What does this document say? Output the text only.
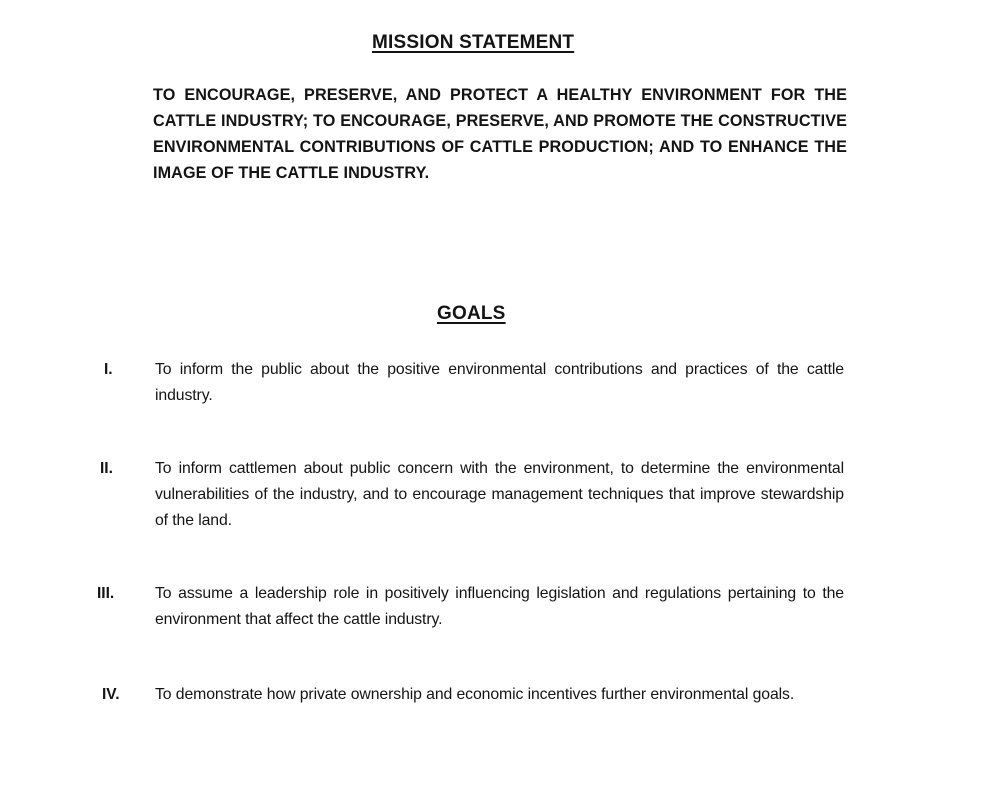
MISSION STATEMENT

TO ENCOURAGE, PRESERVE, AND PROTECT A HEALTHY ENVIRONMENT FOR THE CATTLE INDUSTRY; TO ENCOURAGE, PRESERVE, AND PROMOTE THE CONSTRUCTIVE ENVIRONMENTAL CONTRIBUTIONS OF CATTLE PRODUCTION; AND TO ENHANCE THE IMAGE OF THE CATTLE INDUSTRY.

GOALS
I.	To inform the public about the positive environmental contributions and practices of the cattle industry.

II.	To inform cattlemen about public concern with the environment, to determine the environmental vulnerabilities of the industry, and to encourage management techniques that improve stewardship of the land.

III.	To assume a leadership role in positively influencing legislation and regulations pertaining to the environment that affect the cattle industry.

IV.	To demonstrate how private ownership and economic incentives further environmental goals.
